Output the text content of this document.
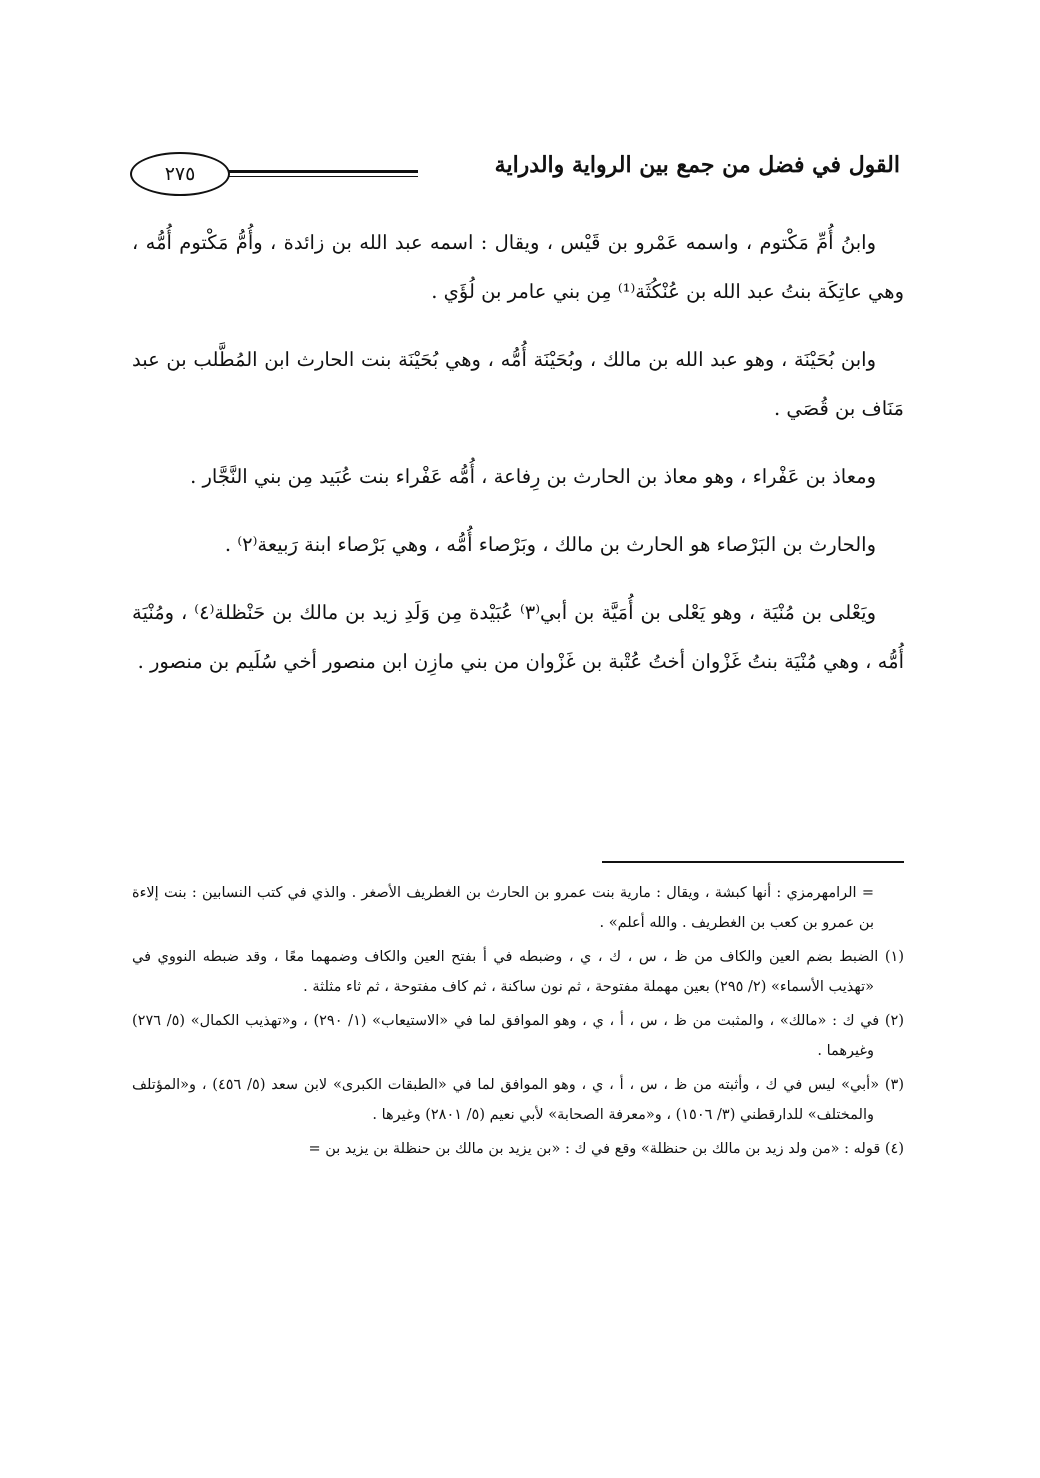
٢٧٥	القول في فضل من جمع بين الرواية والدراية

وابنُ أُمِّ مَكْتوم ، واسمه عَمْرو بن قَيْس ، ويقال : اسمه عبد الله بن زائدة ، وأُمُّ مَكْتوم أُمُّه ، وهي عاتِكَة بنتُ عبد الله بن عُنْكُثَة⁽¹⁾ مِن بني عامر بن لُؤَي .

وابن بُحَيْنَة ، وهو عبد الله بن مالك ، وبُحَيْنَة أُمُّه ، وهي بُحَيْنَة بنت الحارث ابن المُطَّلب بن عبد مَنَاف بن قُصَي .

ومعاذ بن عَفْراء ، وهو معاذ بن الحارث بن رِفاعة ، أُمُّه عَفْراء بنت عُبَيد مِن بني النَّجَّار .

والحارث بن البَرْصاء هو الحارث بن مالك ، وبَرْصاء أُمُّه ، وهي بَرْصاء ابنة رَبيعة⁽٢⁾ .

ويَعْلى بن مُنْيَة ، وهو يَعْلى بن أُمَيَّة بن أبي⁽٣⁾ عُبَيْدة مِن وَلَدِ زيد بن مالك بن حَنْظلة⁽٤⁾ ، ومُنْيَة أُمُّه ، وهي مُنْيَة بنتُ غَزْوان أختُ عُتْبة بن غَزْوان من بني مازِن ابن منصور أخي سُلَيم بن منصور .

= الرامهرمزي : أنها كبشة ، ويقال : مارية بنت عمرو بن الحارث بن الغطريف الأصغر . والذي في كتب النسابين : بنت إلاءة بن عمرو بن كعب بن الغطريف . والله أعلم» .

(١) الضبط بضم العين والكاف من ظ ، س ، ك ، ي ، وضبطه في أ بفتح العين والكاف وضمهما معًا ، وقد ضبطه النووي في «تهذيب الأسماء» (٢/ ٢٩٥) بعين مهملة مفتوحة ، ثم نون ساكنة ، ثم كاف مفتوحة ، ثم ثاء مثلثة .

(٢) في ك : «مالك» ، والمثبت من ظ ، س ، أ ، ي ، وهو الموافق لما في «الاستيعاب» (١/ ٢٩٠) ، و«تهذيب الكمال» (٥/ ٢٧٦) وغيرهما .

(٣) «أبي» ليس في ك ، وأثبته من ظ ، س ، أ ، ي ، وهو الموافق لما في «الطبقات الكبرى» لابن سعد (٥/ ٤٥٦) ، و«المؤتلف والمختلف» للدارقطني (٣/ ١٥٠٦) ، و«معرفة الصحابة» لأبي نعيم (٥/ ٢٨٠١) وغيرها .

(٤) قوله : «من ولد زيد بن مالك بن حنظلة» وقع في ك : «بن يزيد بن مالك بن حنظلة بن يزيد بن =
